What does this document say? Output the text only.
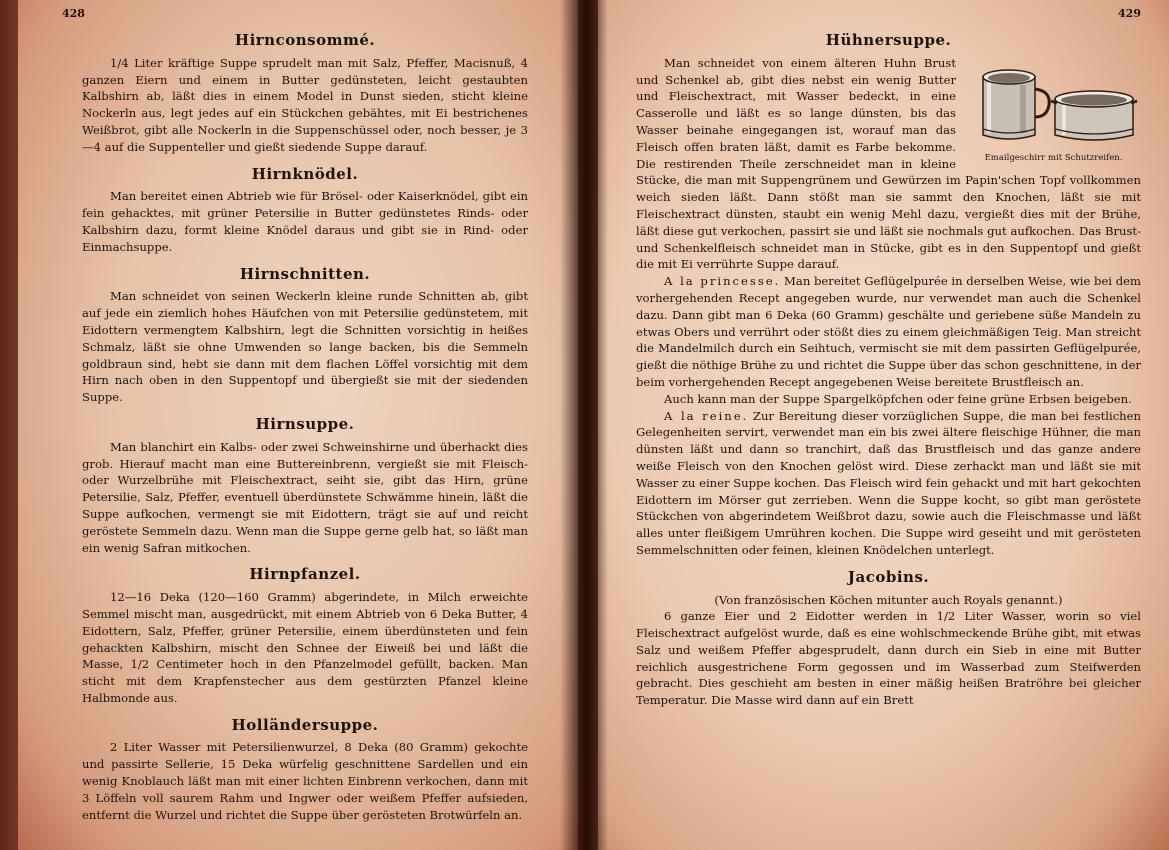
428
Hirnconsommé.

1/4 Liter kräftige Suppe sprudelt man mit Salz, Pfeffer, Macisnuß, 4 ganzen Eiern und einem in Butter gedünsteten, leicht gestaubten Kalbshirn ab, läßt dies in einem Model in Dunst sieden, sticht kleine Nockerln aus, legt jedes auf ein Stückchen gebähtes, mit Ei bestrichenes Weißbrot, gibt alle Nockerln in die Suppenschüssel oder, noch besser, je 3—4 auf die Suppenteller und gießt siedende Suppe darauf.

Hirnknödel.

Man bereitet einen Abtrieb wie für Brösel- oder Kaiserknödel, gibt ein fein gehacktes, mit grüner Petersilie in Butter gedünstetes Rinds- oder Kalbshirn dazu, formt kleine Knödel daraus und gibt sie in Rind- oder Einmachsuppe.

Hirnschnitten.

Man schneidet von seinen Weckerln kleine runde Schnitten ab, gibt auf jede ein ziemlich hohes Häufchen von mit Petersilie gedünstetem, mit Eidottern vermengtem Kalbshirn, legt die Schnitten vorsichtig in heißes Schmalz, läßt sie ohne Umwenden so lange backen, bis die Semmeln goldbraun sind, hebt sie dann mit dem flachen Löffel vorsichtig mit dem Hirn nach oben in den Suppentopf und übergießt sie mit der siedenden Suppe.

Hirnsuppe.

Man blanchirt ein Kalbs- oder zwei Schweinshirne und überhackt dies grob. Hierauf macht man eine Buttereinbrenn, vergießt sie mit Fleisch- oder Wurzelbrühe mit Fleischextract, seiht sie, gibt das Hirn, grüne Petersilie, Salz, Pfeffer, eventuell überdünstete Schwämme hinein, läßt die Suppe aufkochen, vermengt sie mit Eidottern, trägt sie auf und reicht geröstete Semmeln dazu. Wenn man die Suppe gerne gelb hat, so läßt man ein wenig Safran mitkochen.

Hirnpfanzel.

12—16 Deka (120—160 Gramm) abgerindete, in Milch erweichte Semmel mischt man, ausgedrückt, mit einem Abtrieb von 6 Deka Butter, 4 Eidottern, Salz, Pfeffer, grüner Petersilie, einem überdünsteten und fein gehackten Kalbshirn, mischt den Schnee der Eiweiß bei und läßt die Masse, 1/2 Centimeter hoch in den Pfanzelmodel gefüllt, backen. Man sticht mit dem Krapfenstecher aus dem gestürzten Pfanzel kleine Halbmonde aus.

Holländersuppe.

2 Liter Wasser mit Petersilienwurzel, 8 Deka (80 Gramm) gekochte und passirte Sellerie, 15 Deka würfelig geschnittene Sardellen und ein wenig Knoblauch läßt man mit einer lichten Einbrenn verkochen, dann mit 3 Löffeln voll saurem Rahm und Ingwer oder weißem Pfeffer aufsieden, entfernt die Wurzel und richtet die Suppe über gerösteten Brotwürfeln an.

429
Hühnersuppe.
Emailgeschirr mit Schutzreifen.

Man schneidet von einem älteren Huhn Brust und Schenkel ab, gibt dies nebst ein wenig Butter und Fleischextract, mit Wasser bedeckt, in eine Casserolle und läßt es so lange dünsten, bis das Wasser beinahe eingegangen ist, worauf man das Fleisch offen braten läßt, damit es Farbe bekomme. Die restirenden Theile zerschneidet man in kleine Stücke, die man mit Suppengrünem und Gewürzen im Papin'schen Topf vollkommen weich sieden läßt. Dann stößt man sie sammt den Knochen, läßt sie mit Fleischextract dünsten, staubt ein wenig Mehl dazu, vergießt dies mit der Brühe, läßt diese gut verkochen, passirt sie und läßt sie nochmals gut aufkochen. Das Brust- und Schenkelfleisch schneidet man in Stücke, gibt es in den Suppentopf und gießt die mit Ei verrührte Suppe darauf.

A la princesse. Man bereitet Geflügelpurée in derselben Weise, wie bei dem vorhergehenden Recept angegeben wurde, nur verwendet man auch die Schenkel dazu. Dann gibt man 6 Deka (60 Gramm) geschälte und geriebene süße Mandeln zu etwas Obers und verrührt oder stößt dies zu einem gleichmäßigen Teig. Man streicht die Mandelmilch durch ein Seihtuch, vermischt sie mit dem passirten Geflügelpurée, gießt die nöthige Brühe zu und richtet die Suppe über das schon geschnittene, in der beim vorhergehenden Recept angegebenen Weise bereitete Brustfleisch an.

Auch kann man der Suppe Spargelköpfchen oder feine grüne Erbsen beigeben.

A la reine. Zur Bereitung dieser vorzüglichen Suppe, die man bei festlichen Gelegenheiten servirt, verwendet man ein bis zwei ältere fleischige Hühner, die man dünsten läßt und dann so tranchirt, daß das Brustfleisch und das ganze andere weiße Fleisch von den Knochen gelöst wird. Diese zerhackt man und läßt sie mit Wasser zu einer Suppe kochen. Das Fleisch wird fein gehackt und mit hart gekochten Eidottern im Mörser gut zerrieben. Wenn die Suppe kocht, so gibt man geröstete Stückchen von abgerindetem Weißbrot dazu, sowie auch die Fleischmasse und läßt alles unter fleißigem Umrühren kochen. Die Suppe wird geseiht und mit gerösteten Semmelschnitten oder feinen, kleinen Knödelchen unterlegt.

Jacobins.

(Von französischen Köchen mitunter auch Royals genannt.)

6 ganze Eier und 2 Eidotter werden in 1/2 Liter Wasser, worin so viel Fleischextract aufgelöst wurde, daß es eine wohlschmeckende Brühe gibt, mit etwas Salz und weißem Pfeffer abgesprudelt, dann durch ein Sieb in eine mit Butter reichlich ausgestrichene Form gegossen und im Wasserbad zum Steifwerden gebracht. Dies geschieht am besten in einer mäßig heißen Bratröhre bei gleicher Temperatur. Die Masse wird dann auf ein Brett
